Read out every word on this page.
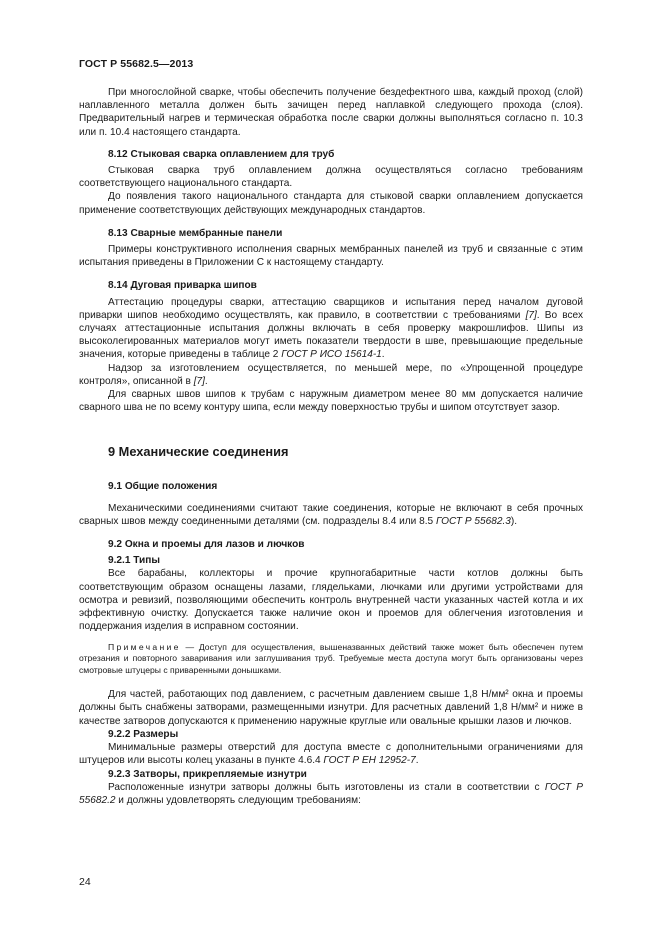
ГОСТ Р 55682.5—2013

При многослойной сварке, чтобы обеспечить получение бездефектного шва, каждый проход (слой) наплавленного металла должен быть зачищен перед наплавкой следующего прохода (слоя). Предварительный нагрев и термическая обработка после сварки должны выполняться согласно п. 10.3 или п. 10.4 настоящего стандарта.

8.12 Стыковая сварка оплавлением для труб

Стыковая сварка труб оплавлением должна осуществляться согласно требованиям соответствующего национального стандарта.

До появления такого национального стандарта для стыковой сварки оплавлением допускается применение соответствующих действующих международных стандартов.

8.13 Сварные мембранные панели

Примеры конструктивного исполнения сварных мембранных панелей из труб и связанные с этим испытания приведены в Приложении C к настоящему стандарту.

8.14 Дуговая приварка шипов

Аттестацию процедуры сварки, аттестацию сварщиков и испытания перед началом дуговой приварки шипов необходимо осуществлять, как правило, в соответствии с требованиями [7]. Во всех случаях аттестационные испытания должны включать в себя проверку макрошлифов. Шипы из высоколегированных материалов могут иметь показатели твердости в шве, превышающие предельные значения, которые приведены в таблице 2 ГОСТ Р ИСО 15614-1.

Надзор за изготовлением осуществляется, по меньшей мере, по «Упрощенной процедуре контроля», описанной в [7].

Для сварных швов шипов к трубам с наружным диаметром менее 80 мм допускается наличие сварного шва не по всему контуру шипа, если между поверхностью трубы и шипом отсутствует зазор.

9 Механические соединения
9.1 Общие положения

Механическими соединениями считают такие соединения, которые не включают в себя прочных сварных швов между соединенными деталями (см. подразделы 8.4 или 8.5 ГОСТ Р 55682.3).

9.2 Окна и проемы для лазов и лючков
9.2.1 Типы

Все барабаны, коллекторы и прочие крупногабаритные части котлов должны быть соответствующим образом оснащены лазами, глядельками, лючками или другими устройствами для осмотра и ревизий, позволяющими обеспечить контроль внутренней части указанных частей котла и их эффективную очистку. Допускается также наличие окон и проемов для облегчения изготовления и поддержания изделия в исправном состоянии.

Примечание — Доступ для осуществления, вышеназванных действий также может быть обеспечен путем отрезания и повторного заваривания или заглушивания труб. Требуемые места доступа могут быть организованы через смотровые штуцеры с приваренными донышками.

Для частей, работающих под давлением, с расчетным давлением свыше 1,8 Н/мм² окна и проемы должны быть снабжены затворами, размещенными изнутри. Для расчетных давлений 1,8 Н/мм² и ниже в качестве затворов допускаются к применению наружные круглые или овальные крышки лазов и лючков.

9.2.2 Размеры

Минимальные размеры отверстий для доступа вместе с дополнительными ограничениями для штуцеров или высоты колец указаны в пункте 4.6.4 ГОСТ Р ЕН 12952-7.

9.2.3 Затворы, прикрепляемые изнутри

Расположенные изнутри затворы должны быть изготовлены из стали в соответствии с ГОСТ Р 55682.2 и должны удовлетворять следующим требованиям:

24
